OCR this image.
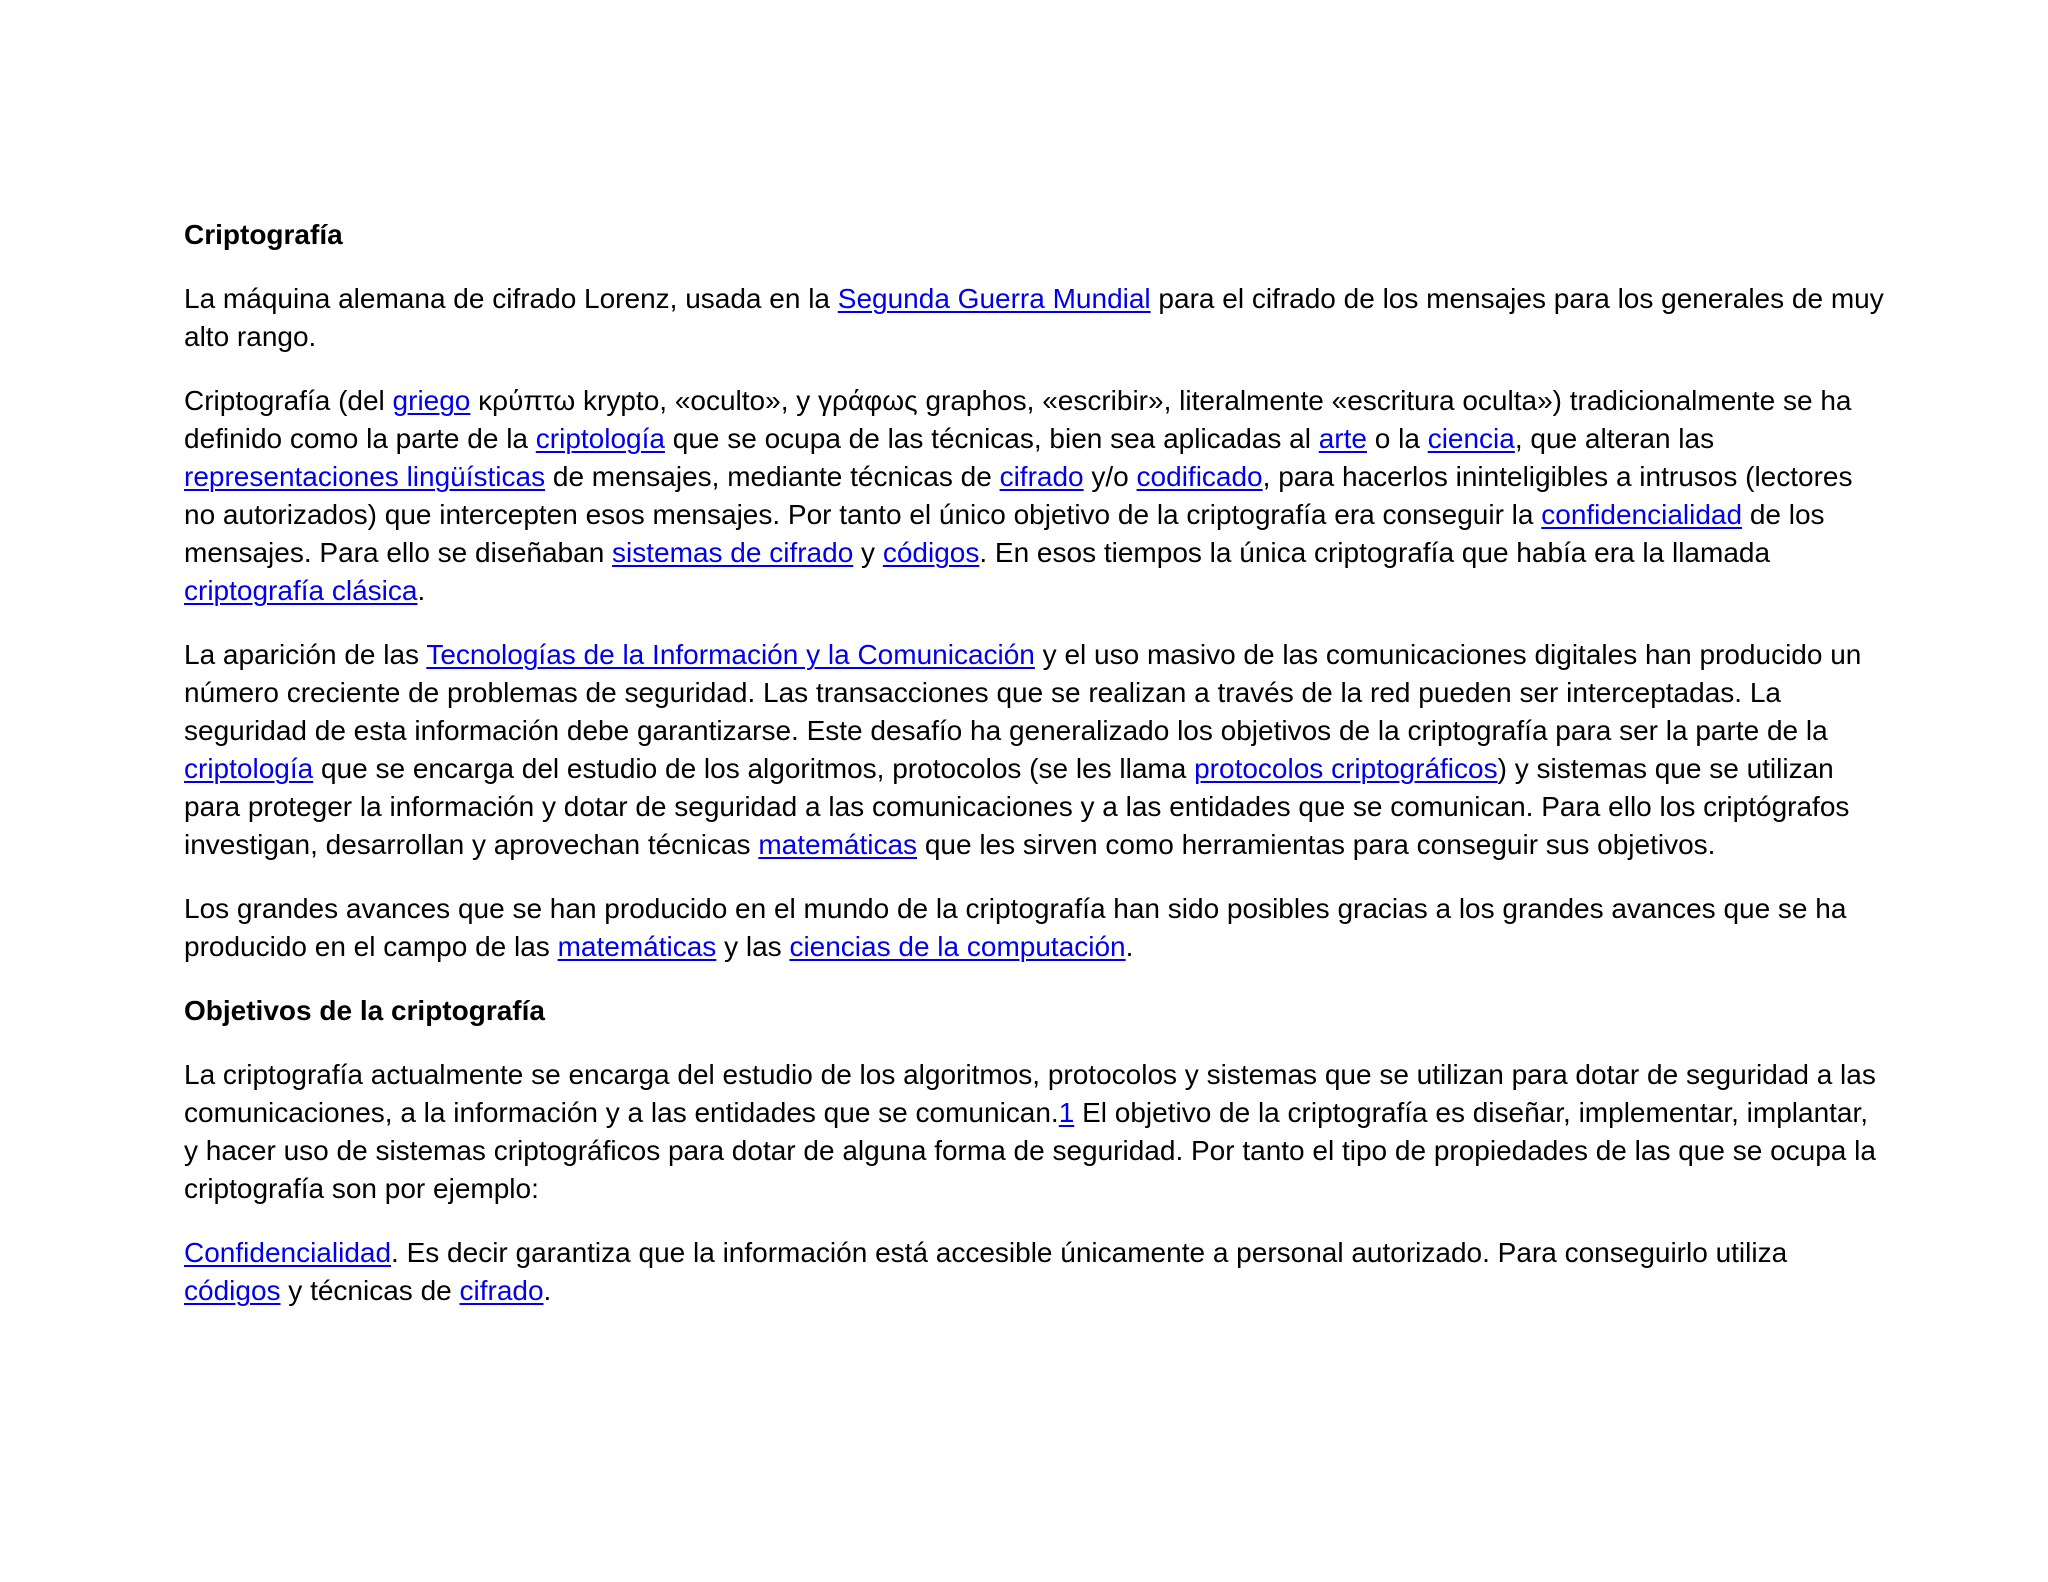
Criptografía

La máquina alemana de cifrado Lorenz, usada en la Segunda Guerra Mundial para el cifrado de los mensajes para los generales de muy alto rango.

Criptografía (del griego κρύπτω krypto, «oculto», y γράφως graphos, «escribir», literalmente «escritura oculta») tradicionalmente se ha definido como la parte de la criptología que se ocupa de las técnicas, bien sea aplicadas al arte o la ciencia, que alteran las representaciones lingüísticas de mensajes, mediante técnicas de cifrado y/o codificado, para hacerlos ininteligibles a intrusos (lectores no autorizados) que intercepten esos mensajes. Por tanto el único objetivo de la criptografía era conseguir la confidencialidad de los mensajes. Para ello se diseñaban sistemas de cifrado y códigos. En esos tiempos la única criptografía que había era la llamada criptografía clásica.

La aparición de las Tecnologías de la Información y la Comunicación y el uso masivo de las comunicaciones digitales han producido un número creciente de problemas de seguridad. Las transacciones que se realizan a través de la red pueden ser interceptadas. La seguridad de esta información debe garantizarse. Este desafío ha generalizado los objetivos de la criptografía para ser la parte de la criptología que se encarga del estudio de los algoritmos, protocolos (se les llama protocolos criptográficos) y sistemas que se utilizan para proteger la información y dotar de seguridad a las comunicaciones y a las entidades que se comunican. Para ello los criptógrafos investigan, desarrollan y aprovechan técnicas matemáticas que les sirven como herramientas para conseguir sus objetivos.

Los grandes avances que se han producido en el mundo de la criptografía han sido posibles gracias a los grandes avances que se ha producido en el campo de las matemáticas y las ciencias de la computación.

Objetivos de la criptografía

La criptografía actualmente se encarga del estudio de los algoritmos, protocolos y sistemas que se utilizan para dotar de seguridad a las comunicaciones, a la información y a las entidades que se comunican.1 El objetivo de la criptografía es diseñar, implementar, implantar, y hacer uso de sistemas criptográficos para dotar de alguna forma de seguridad. Por tanto el tipo de propiedades de las que se ocupa la criptografía son por ejemplo:

Confidencialidad. Es decir garantiza que la información está accesible únicamente a personal autorizado. Para conseguirlo utiliza códigos y técnicas de cifrado.
